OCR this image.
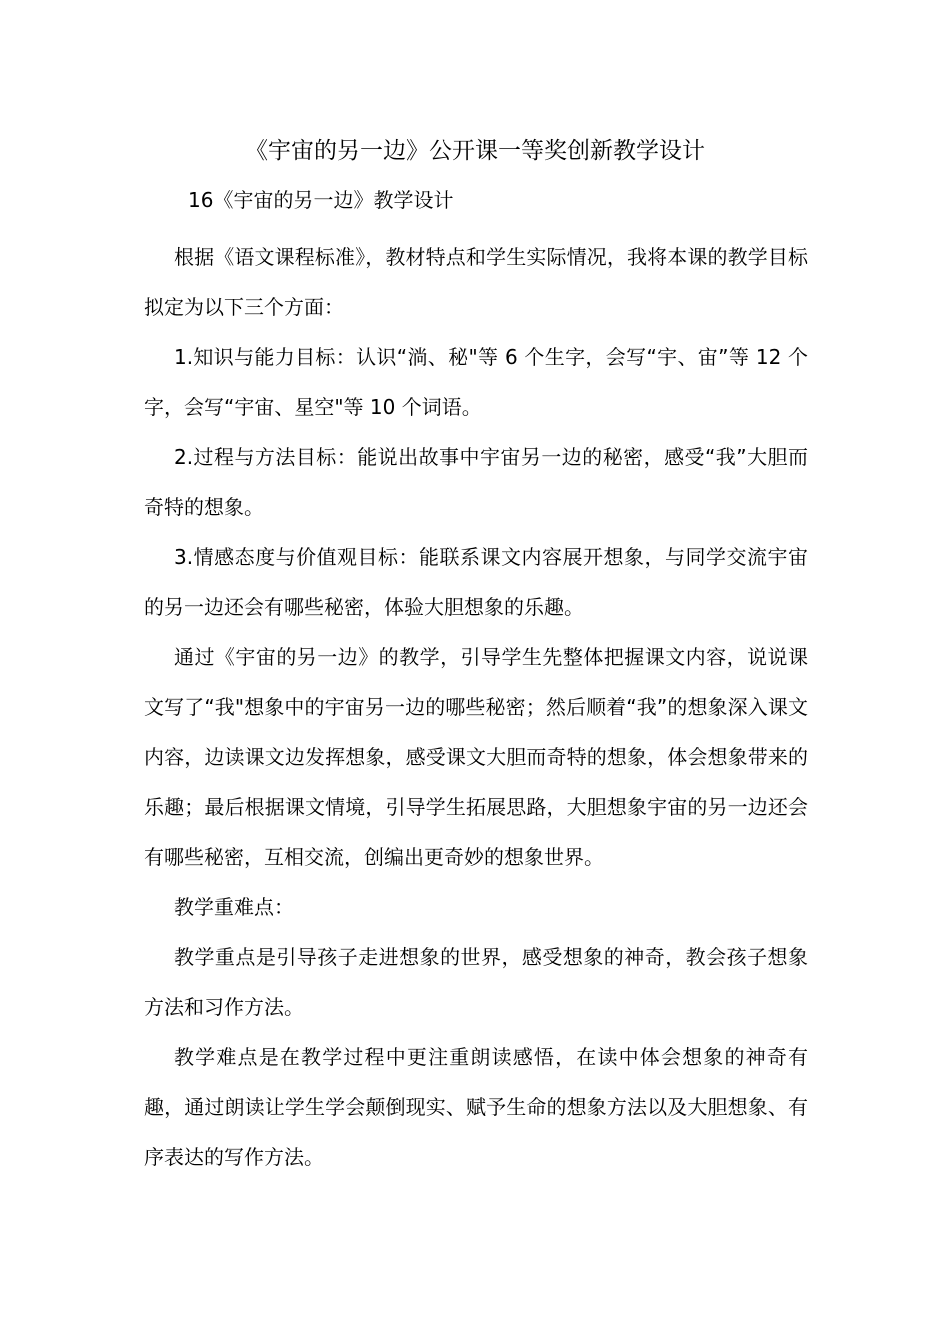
《宇宙的另一边》公开课一等奖创新教学设计

16《宇宙的另一边》教学设计

根据《语文课程标准》，教材特点和学生实际情况，我将本课的教学目标拟定为以下三个方面：

1.知识与能力目标：认识“淌、秘"等 6 个生字，会写“宇、宙”等 12 个字，会写“宇宙、星空"等 10 个词语。

2.过程与方法目标：能说出故事中宇宙另一边的秘密，感受“我”大胆而奇特的想象。

3.情感态度与价值观目标：能联系课文内容展开想象，与同学交流宇宙的另一边还会有哪些秘密，体验大胆想象的乐趣。

通过《宇宙的另一边》的教学，引导学生先整体把握课文内容，说说课文写了“我"想象中的宇宙另一边的哪些秘密；然后顺着“我”的想象深入课文内容，边读课文边发挥想象，感受课文大胆而奇特的想象，体会想象带来的乐趣；最后根据课文情境，引导学生拓展思路，大胆想象宇宙的另一边还会有哪些秘密，互相交流，创编出更奇妙的想象世界。

教学重难点：

教学重点是引导孩子走进想象的世界，感受想象的神奇，教会孩子想象方法和习作方法。

教学难点是在教学过程中更注重朗读感悟，在读中体会想象的神奇有趣，通过朗读让学生学会颠倒现实、赋予生命的想象方法以及大胆想象、有序表达的写作方法。
